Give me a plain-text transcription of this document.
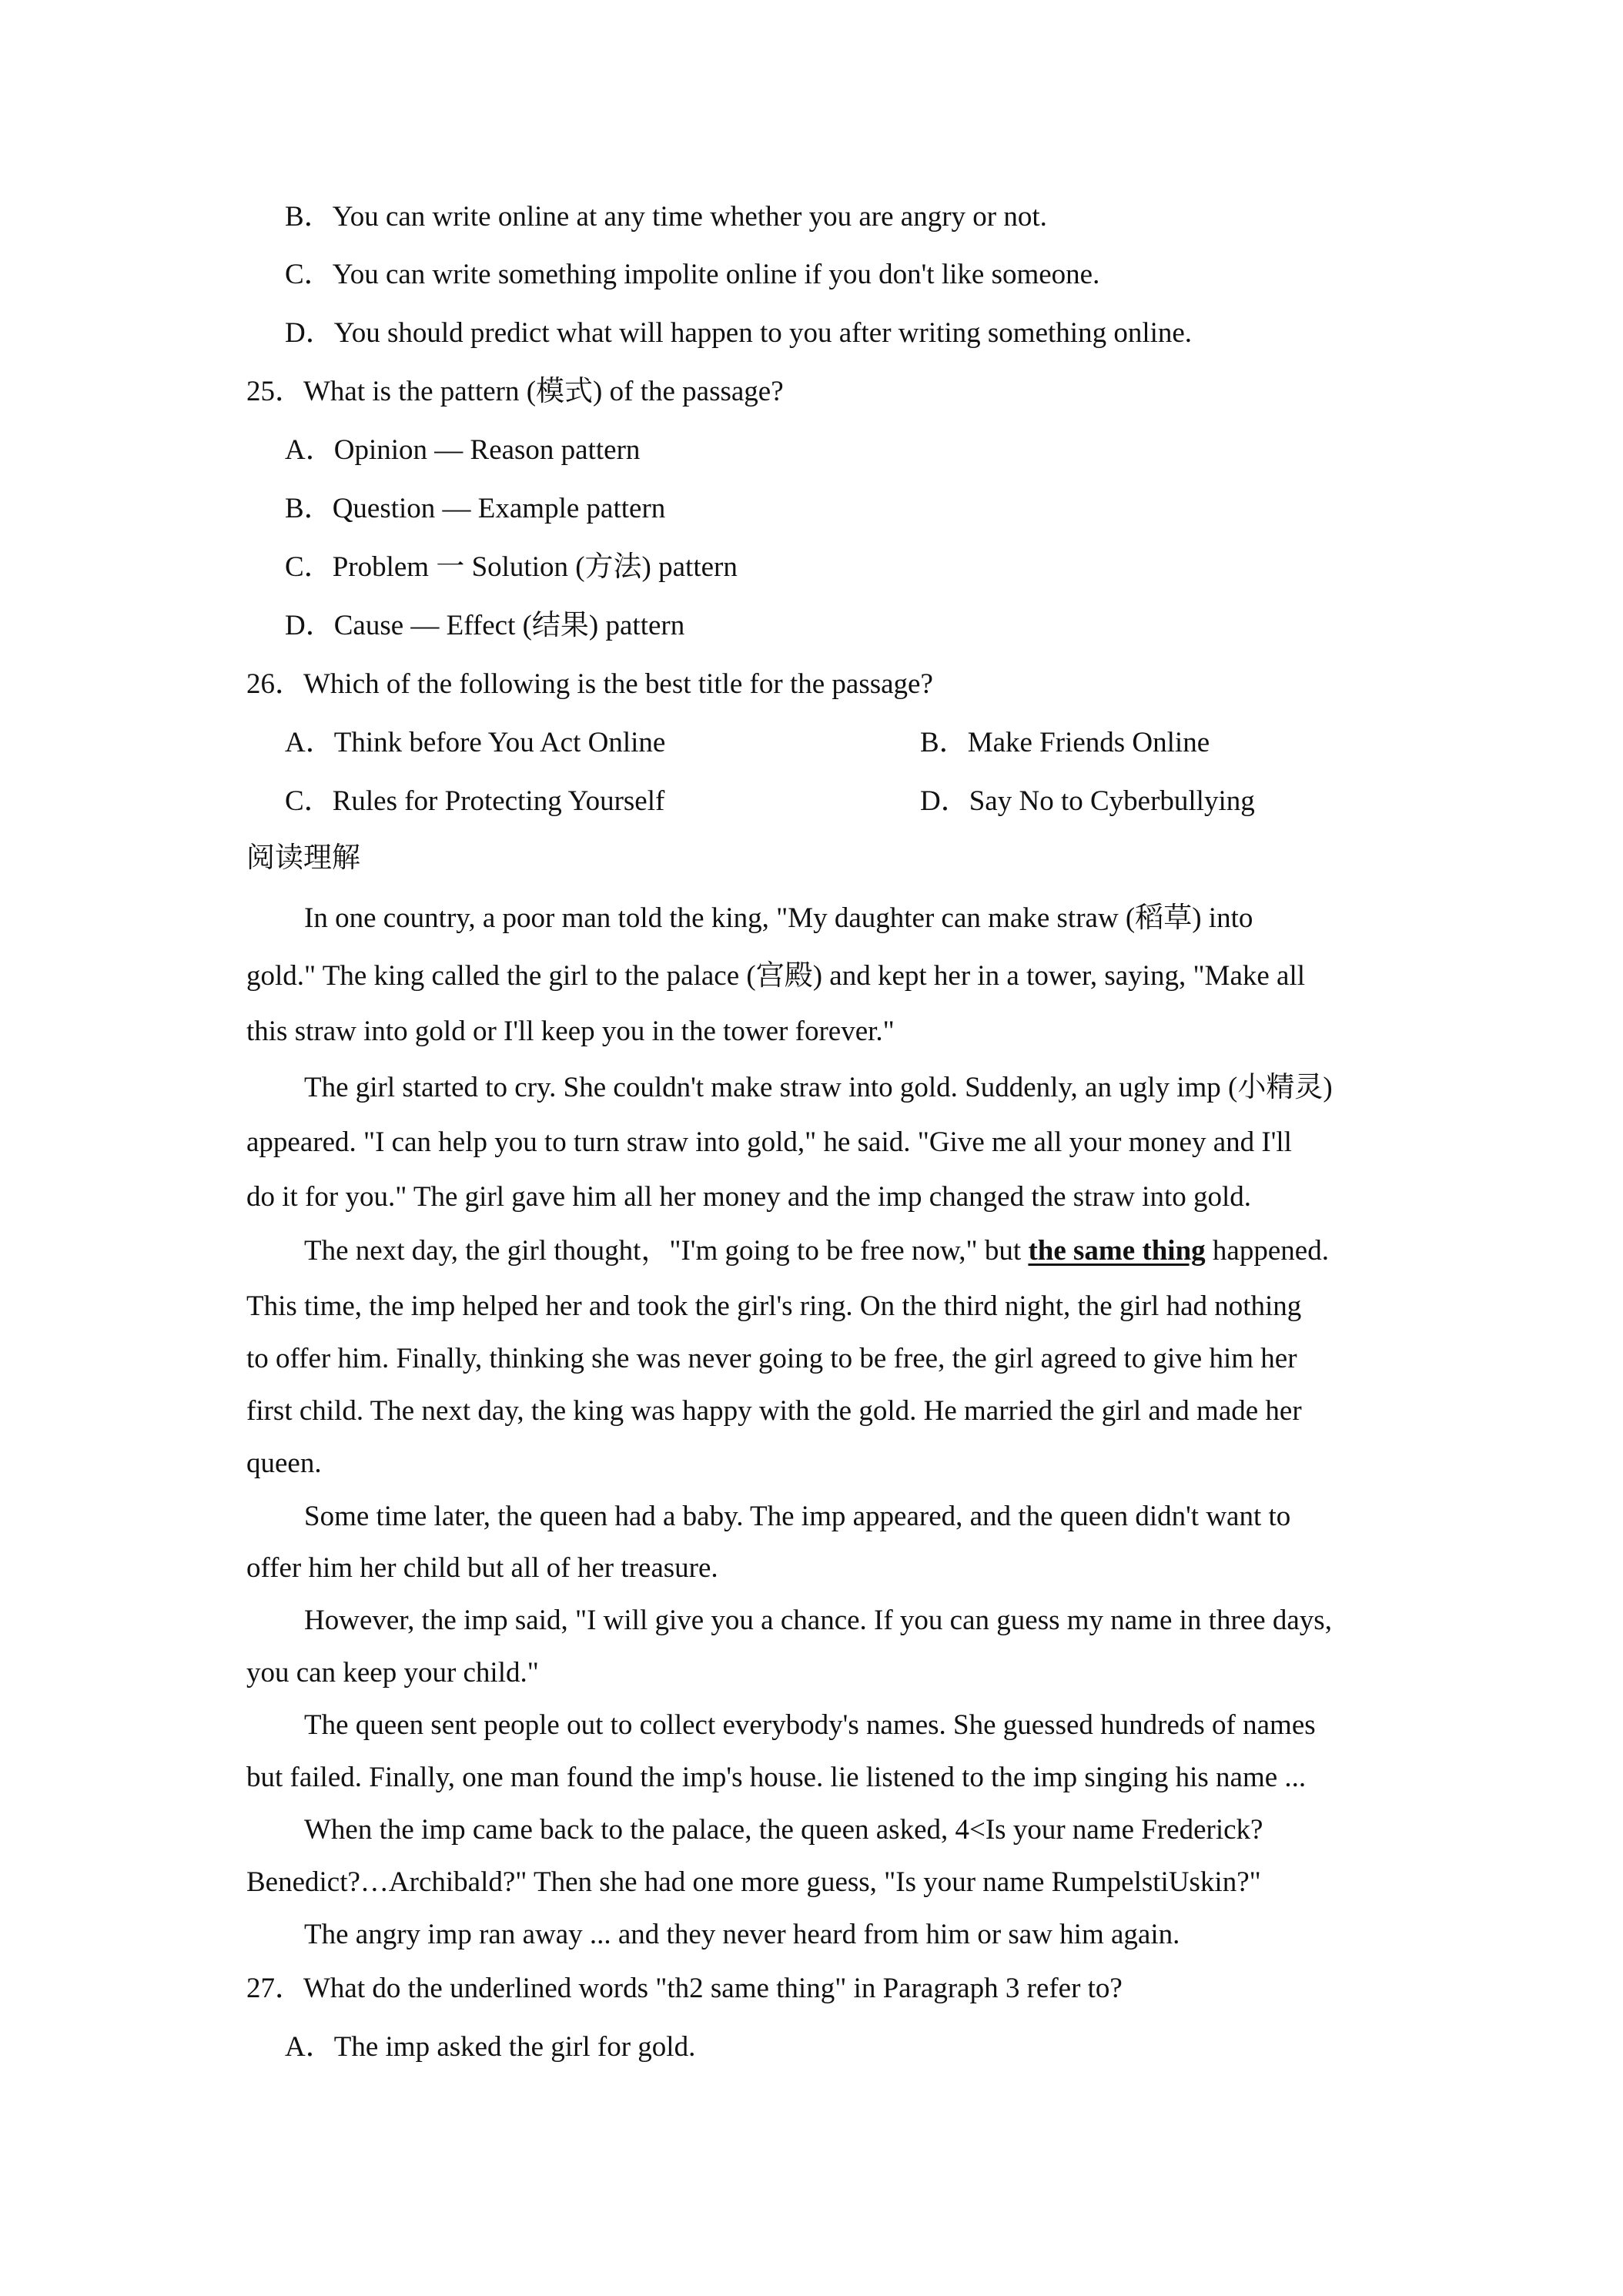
B．You can write online at any time whether you are angry or not.
C．You can write something impolite online if you don't like someone.
D．You should predict what will happen to you after writing something online.
25．What is the pattern (模式) of the passage?
A．Opinion — Reason pattern
B．Question — Example pattern
C．Problem 一 Solution (方法) pattern
D．Cause — Effect (结果) pattern
26．Which of the following is the best title for the passage?
A．Think before You Act Online	B．Make Friends Online
C．Rules for Protecting Yourself	D．Say No to Cyberbullying
阅读理解
In one country, a poor man told the king, "My daughter can make straw (稻草) into
gold." The king called the girl to the palace (宫殿) and kept her in a tower, saying, "Make all
this straw into gold or I'll keep you in the tower forever."
The girl started to cry. She couldn't make straw into gold. Suddenly, an ugly imp (小精灵)
appeared. "I can help you to turn straw into gold," he said. "Give me all your money and I'll
do it for you." The girl gave him all her money and the imp changed the straw into gold.
The next day, the girl thought，"I'm going to be free now," but the same thing happened.
This time, the imp helped her and took the girl's ring. On the third night, the girl had nothing
to offer him. Finally, thinking she was never going to be free, the girl agreed to give him her
first child. The next day, the king was happy with the gold. He married the girl and made her
queen.
Some time later, the queen had a baby. The imp appeared, and the queen didn't want to
offer him her child but all of her treasure.
However, the imp said, "I will give you a chance. If you can guess my name in three days,
you can keep your child."
The queen sent people out to collect everybody's names. She guessed hundreds of names
but failed. Finally, one man found the imp's house. lie listened to the imp singing his name ...
When the imp came back to the palace, the queen asked, 4<Is your name Frederick?
Benedict?…Archibald?" Then she had one more guess, "Is your name RumpelstiUskin?"
The angry imp ran away ... and they never heard from him or saw him again.
27．What do the underlined words "th2 same thing" in Paragraph 3 refer to?
A．The imp asked the girl for gold.
